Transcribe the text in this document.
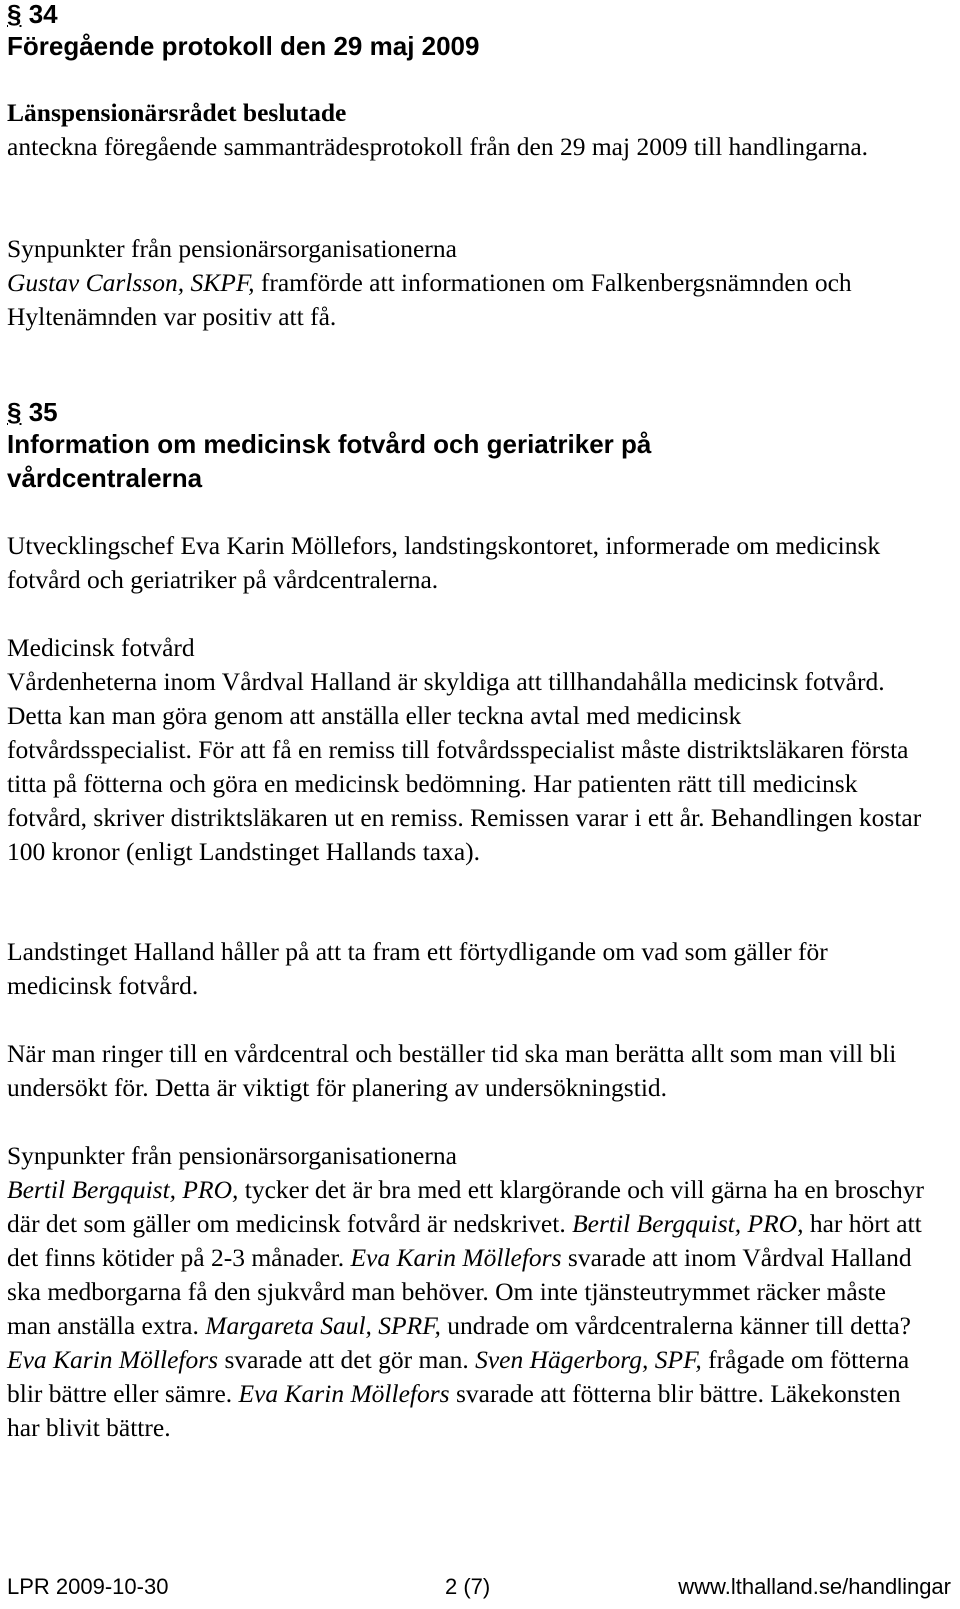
§ 34
Föregående protokoll den 29 maj 2009

Länspensionärsrådet beslutade

anteckna föregående sammanträdesprotokoll från den 29 maj 2009 till handlingarna.

Synpunkter från pensionärsorganisationerna

Gustav Carlsson, SKPF, framförde att informationen om Falkenbergsnämnden och Hyltenämnden var positiv att få.

§ 35
Information om medicinsk fotvård och geriatriker på vårdcentralerna
Utvecklingschef Eva Karin Möllefors, landstingskontoret, informerade om medicinsk fotvård och geriatriker på vårdcentralerna.

Medicinsk fotvård

Vårdenheterna inom Vårdval Halland är skyldiga att tillhandahålla medicinsk fotvård. Detta kan man göra genom att anställa eller teckna avtal med medicinsk fotvårdsspecialist. För att få en remiss till fotvårdsspecialist måste distriktsläkaren första titta på fötterna och göra en medicinsk bedömning. Har patienten rätt till medicinsk fotvård, skriver distriktsläkaren ut en remiss. Remissen varar i ett år. Behandlingen kostar 100 kronor (enligt Landstinget Hallands taxa).

Landstinget Halland håller på att ta fram ett förtydligande om vad som gäller för medicinsk fotvård.
När man ringer till en vårdcentral och beställer tid ska man berätta allt som man vill bli undersökt för. Detta är viktigt för planering av undersökningstid.

Synpunkter från pensionärsorganisationerna

Bertil Bergquist, PRO, tycker det är bra med ett klargörande och vill gärna ha en broschyr där det som gäller om medicinsk fotvård är nedskrivet. Bertil Bergquist, PRO, har hört att det finns kötider på 2-3 månader. Eva Karin Möllefors svarade att inom Vårdval Halland ska medborgarna få den sjukvård man behöver. Om inte tjänsteutrymmet räcker måste man anställa extra. Margareta Saul, SPRF, undrade om vårdcentralerna känner till detta? Eva Karin Möllefors svarade att det gör man. Sven Hägerborg, SPF, frågade om fötterna blir bättre eller sämre. Eva Karin Möllefors svarade att fötterna blir bättre. Läkekonsten har blivit bättre.

LPR 2009-10-30	2 (7)	www.lthalland.se/handlingar
